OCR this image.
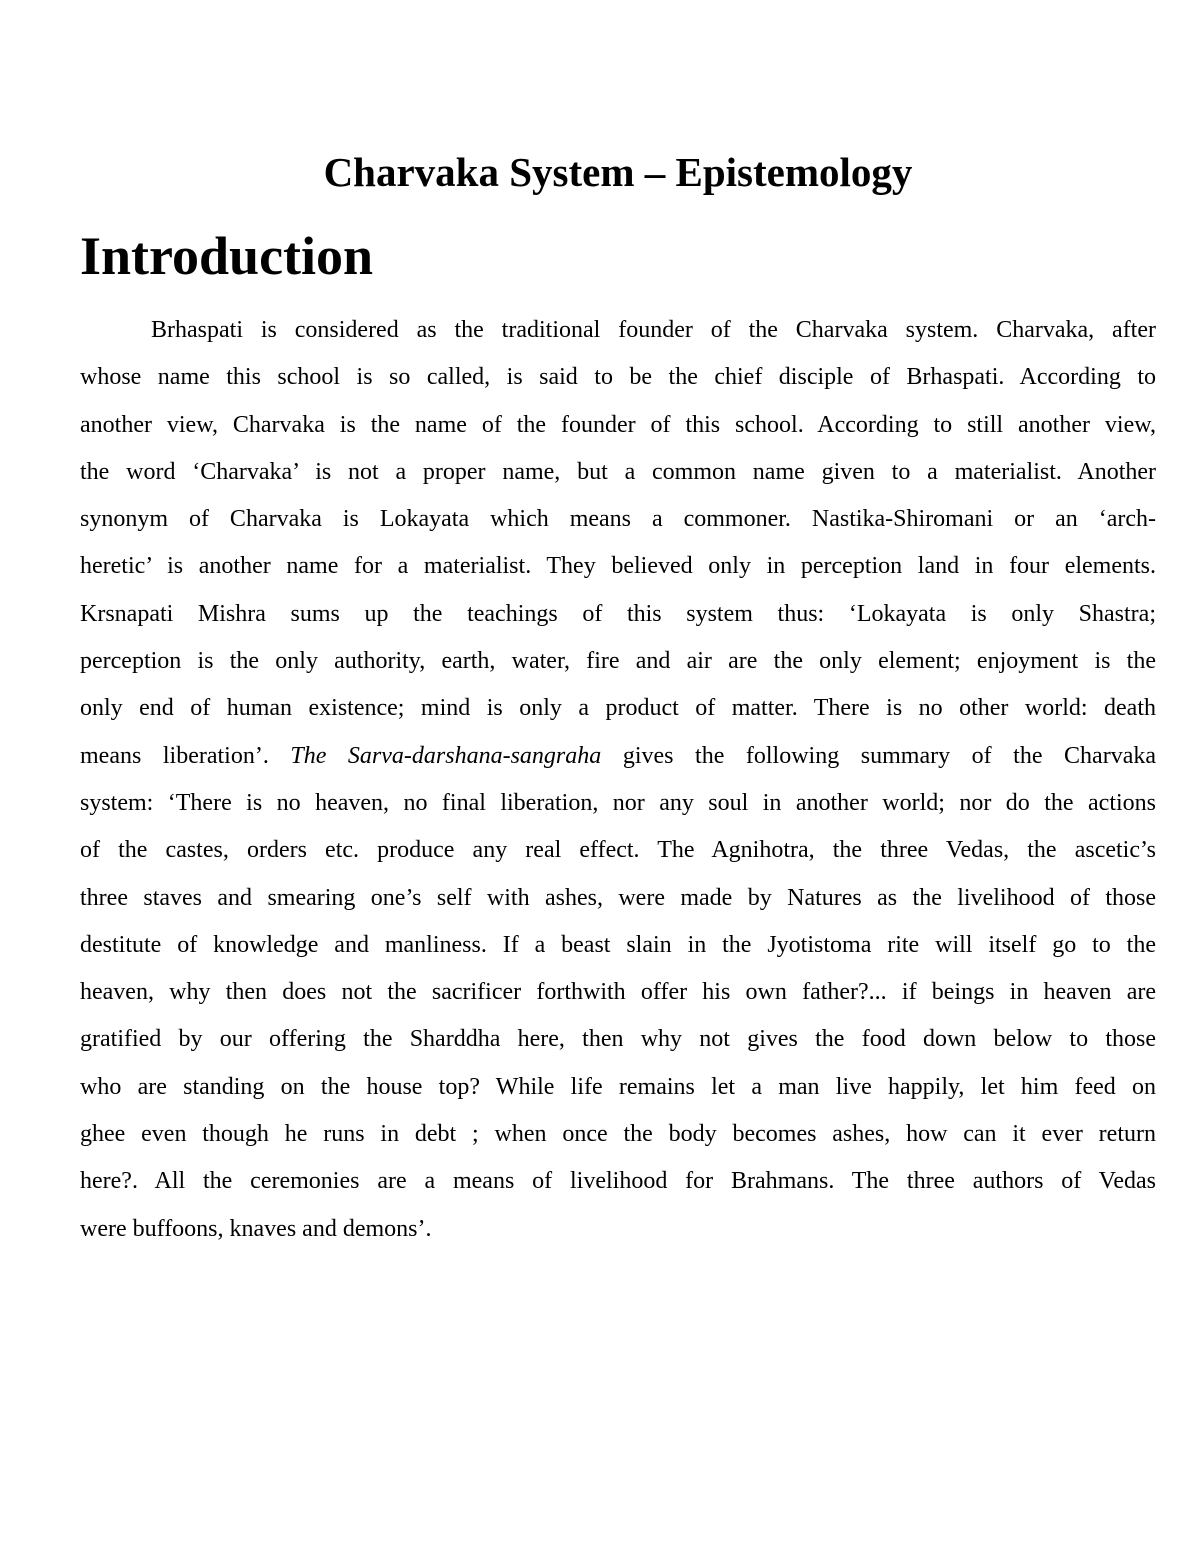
Charvaka System – Epistemology
Introduction

Brhaspati is considered as the traditional founder of the Charvaka system. Charvaka, after
whose name this school is so called, is said to be the chief disciple of Brhaspati. According to
another view, Charvaka is the name of the founder of this school. According to still another view,
the word ‘Charvaka’ is not a proper name, but a common name given to a materialist. Another
synonym of Charvaka is Lokayata which means a commoner. Nastika-Shiromani or an ‘arch-
heretic’ is another name for a materialist. They believed only in perception land in four elements.
Krsnapati Mishra sums up the teachings of this system thus: ‘Lokayata is only Shastra;
perception is the only authority, earth, water, fire and air are the only element; enjoyment is the
only end of human existence; mind is only a product of matter. There is no other world: death
means liberation’. The Sarva-darshana-sangraha gives the following summary of the Charvaka
system: ‘There is no heaven, no final liberation, nor any soul in another world; nor do the actions
of the castes, orders etc. produce any real effect. The Agnihotra, the three Vedas, the ascetic’s
three staves and smearing one’s self with ashes, were made by Natures as the livelihood of those
destitute of knowledge and manliness. If a beast slain in the Jyotistoma rite will itself go to the
heaven, why then does not the sacrificer forthwith offer his own father?... if beings in heaven are
gratified by our offering the Sharddha here, then why not gives the food down below to those
who are standing on the house top? While life remains let a man live happily, let him feed on
ghee even though he runs in debt ; when once the body becomes ashes, how can it ever return
here?. All the ceremonies are a means of livelihood for Brahmans. The three authors of Vedas
were buffoons, knaves and demons’.
